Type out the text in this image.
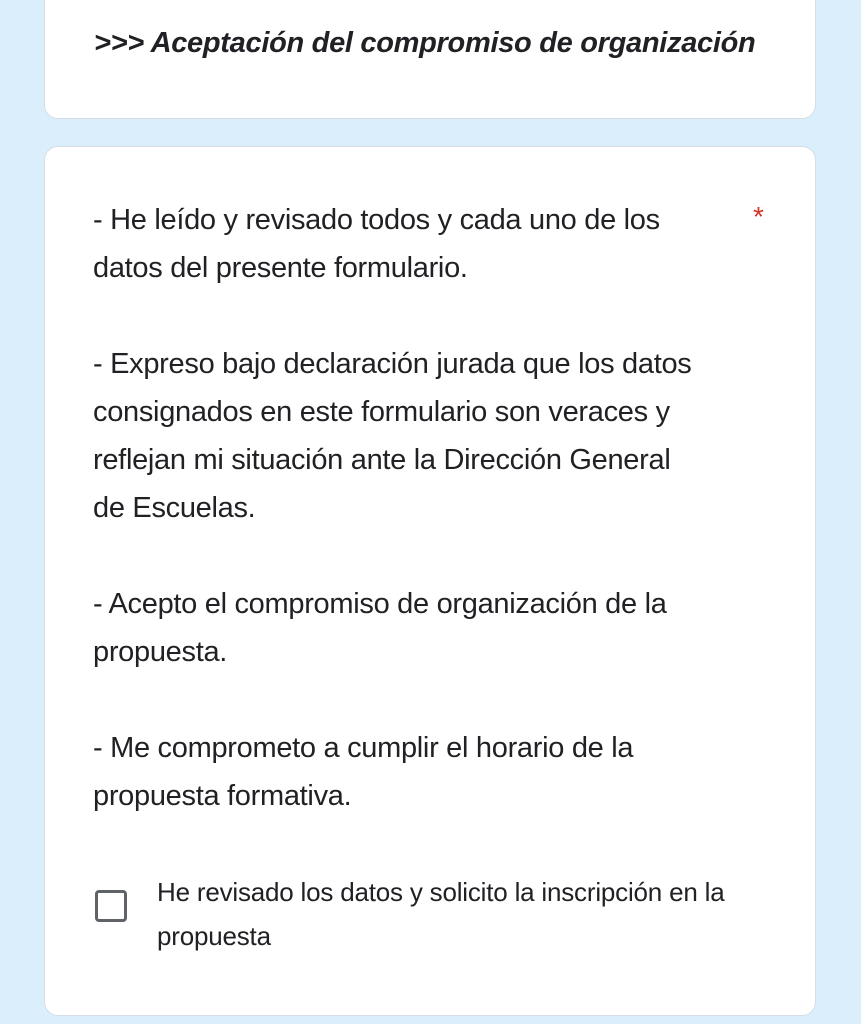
>>> Aceptación del compromiso de organización

- He leído y revisado todos y cada uno de los
datos del presente formulario.

- Expreso bajo declaración jurada que los datos
consignados en este formulario son veraces y
reflejan mi situación ante la Dirección General
de Escuelas.

- Acepto el compromiso de organización de la
propuesta.

- Me comprometo a cumplir el horario de la
propuesta formativa.

*
He revisado los datos y solicito la inscripción en la propuesta
